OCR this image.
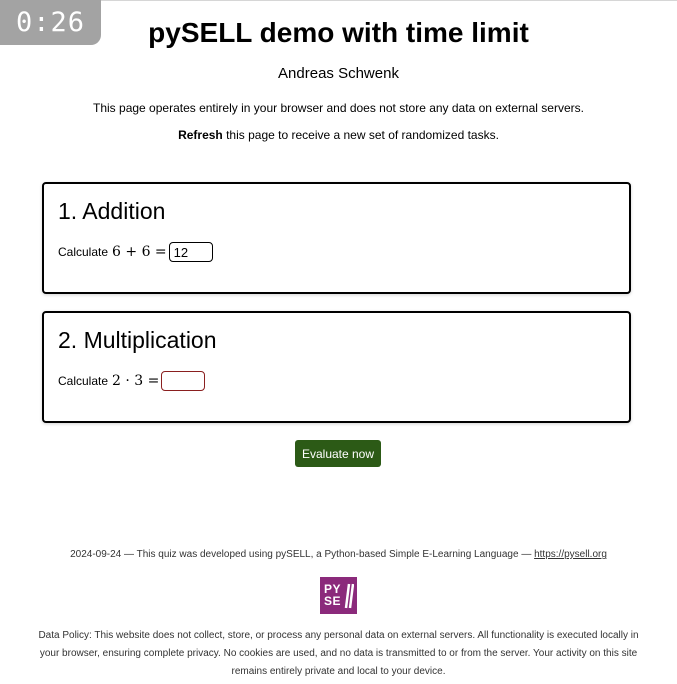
0:26	pySELL demo with time limit
Andreas Schwenk
This page operates entirely in your browser and does not store any data on external servers.
Refresh this page to receive a new set of randomized tasks.
1. Addition
Calculate 6 + 6 =
12
2. Multiplication
Calculate 2 · 3 =
Evaluate now
2024-09-24 — This quiz was developed using pySELL, a Python-based Simple E-Learning Language — https://pysell.org
PY
SE
Data Policy: This website does not collect, store, or process any personal data on external servers. All functionality is executed locally in your browser, ensuring complete privacy. No cookies are used, and no data is transmitted to or from the server. Your activity on this site remains entirely private and local to your device.
